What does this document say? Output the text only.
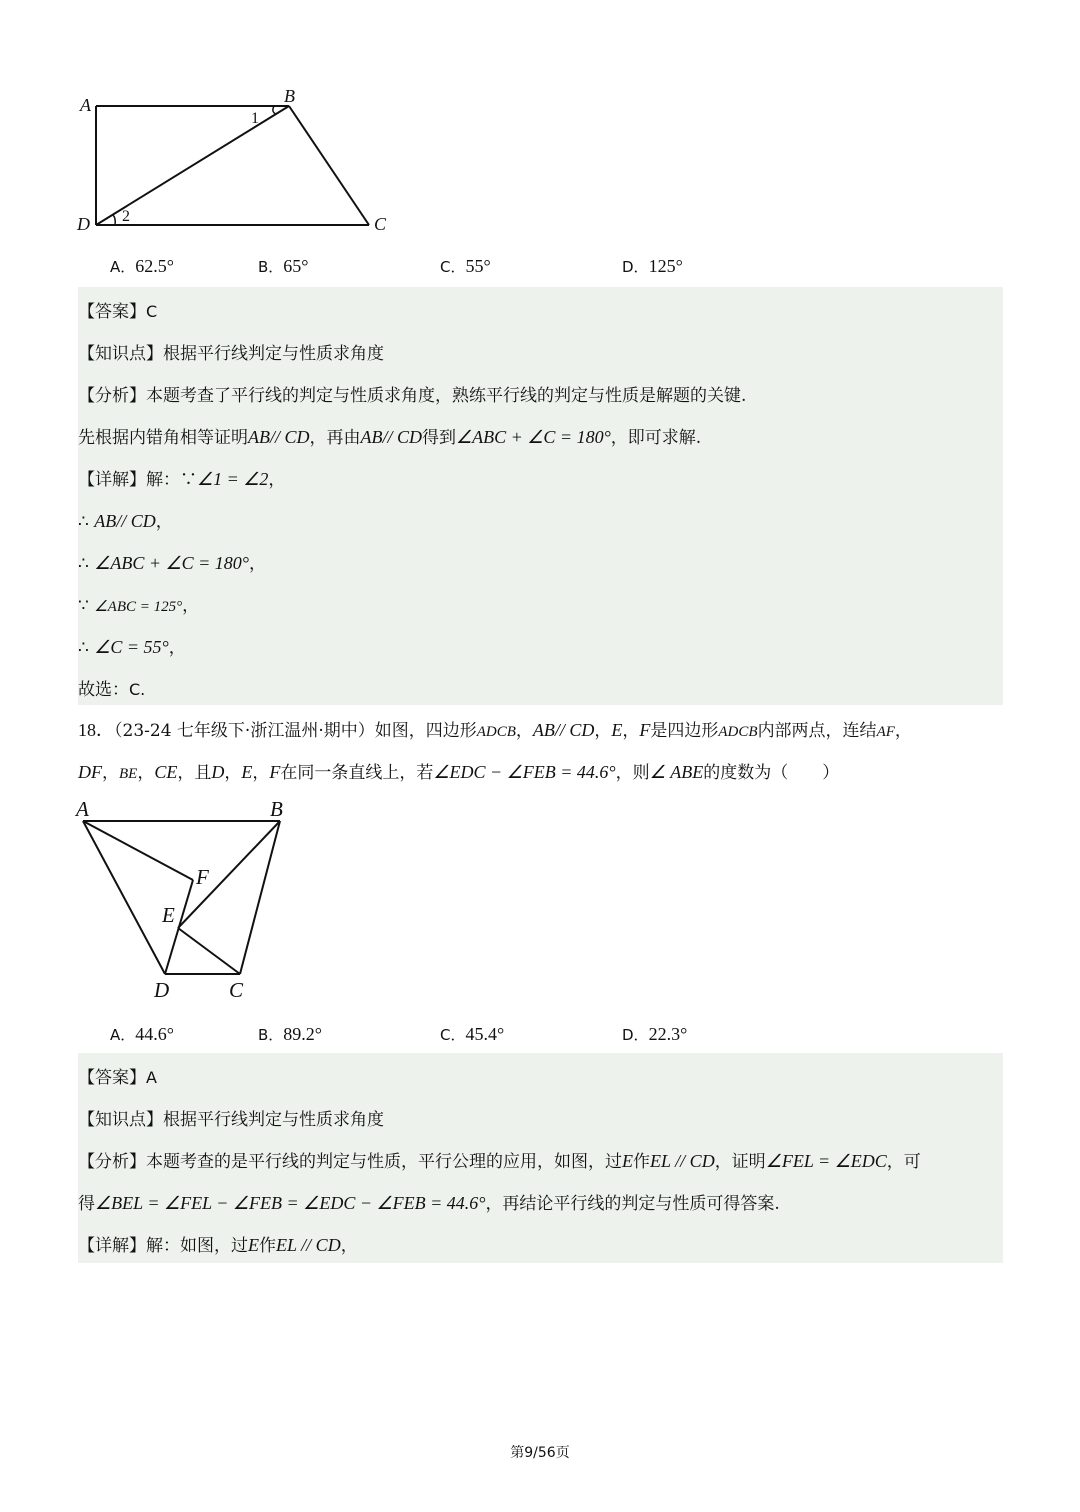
A	B
C
D
1
2
A．62.5°	B．65°	C．55°	D．125°
【答案】C
【知识点】根据平行线判定与性质求角度
【分析】本题考查了平行线的判定与性质求角度，熟练平行线的判定与性质是解题的关键.
先根据内错角相等证明AB// CD，再由AB// CD得到∠ABC + ∠C = 180°，即可求解.
【详解】解：∵∠1 = ∠2，
∴ AB// CD，
∴ ∠ABC + ∠C = 180°，
∵ ∠ABC = 125°，
∴ ∠C = 55°，
故选：C.
18．（23-24 七年级下·浙江温州·期中）如图，四边形ADCB，AB// CD，E，F是四边形ADCB内部两点，连结AF，
DF，BE，CE，且D，E，F在同一条直线上，若∠EDC − ∠FEB = 44.6°，则∠ ABE的度数为（　　）
A	B
C
D
E
F
A．44.6°	B．89.2°	C．45.4°	D．22.3°
【答案】A
【知识点】根据平行线判定与性质求角度
【分析】本题考查的是平行线的判定与性质，平行公理的应用，如图，过E作EL // CD，证明∠FEL = ∠EDC，可
得∠BEL = ∠FEL − ∠FEB = ∠EDC − ∠FEB = 44.6°，再结论平行线的判定与性质可得答案.
【详解】解：如图，过E作EL // CD，
第9/56页
